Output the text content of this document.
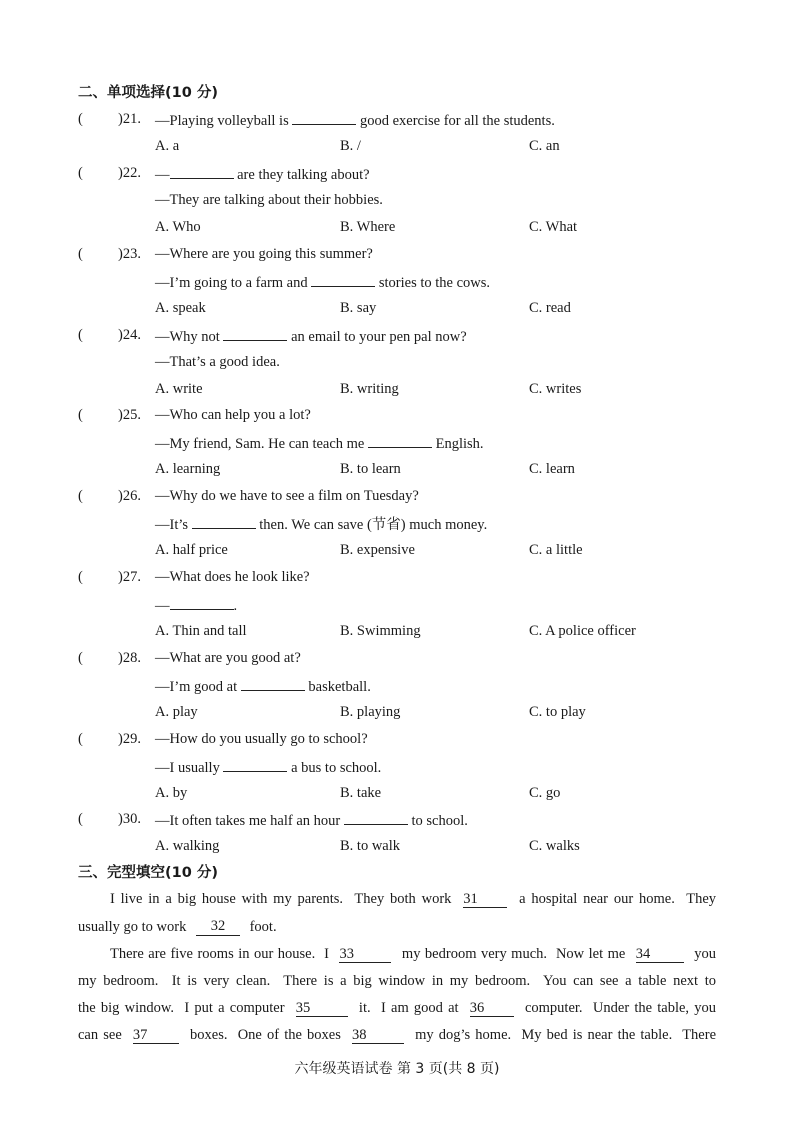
二、单项选择(10 分)
( )21. —Playing volleyball is	good exercise for all the students.
A. a	B. /	C. an
( )22. —	are they talking about?
—They are talking about their hobbies.
A. Who	B. Where	C. What
( )23. —Where are you going this summer?
—I’m going to a farm and	stories to the cows.
A. speak	B. say	C. read
( )24. —Why not	an email to your pen pal now?
—That’s a good idea.
A. write	B. writing	C. writes
( )25. —Who can help you a lot?
—My friend, Sam. He can teach me	English.
A. learning	B. to learn	C. learn
( )26. —Why do we have to see a film on Tuesday?
—It’s	then. We can save (节省) much money.
A. half price	B. expensive	C. a little
( )27. —What does he look like?
—	.
A. Thin and tall	B. Swimming	C. A police officer
( )28. —What are you good at?
—I’m good at	basketball.
A. play	B. playing	C. to play
( )29. —How do you usually go to school?
—I usually	a bus to school.
A. by	B. take	C. go
( )30. —It often takes me half an hour	to school.
A. walking	B. to walk	C. walks
三、完型填空(10 分)
I live in a big house with my parents.  They both work 31 a hospital near our home.  They
usually go to work	32	foot.
There are five rooms in our house.  I 33	my bedroom very much.  Now let me 34	you
my bedroom.  It is very clean.  There is a big window in my bedroom.  You can see a table next to
the big window.  I put a computer 35	it.  I am good at 36 computer.  Under the table, you
can see 37	boxes.  One of the boxes 38	my dog’s home.  My bed is near the table.  There
六年级英语试卷 第 3 页(共 8 页)
